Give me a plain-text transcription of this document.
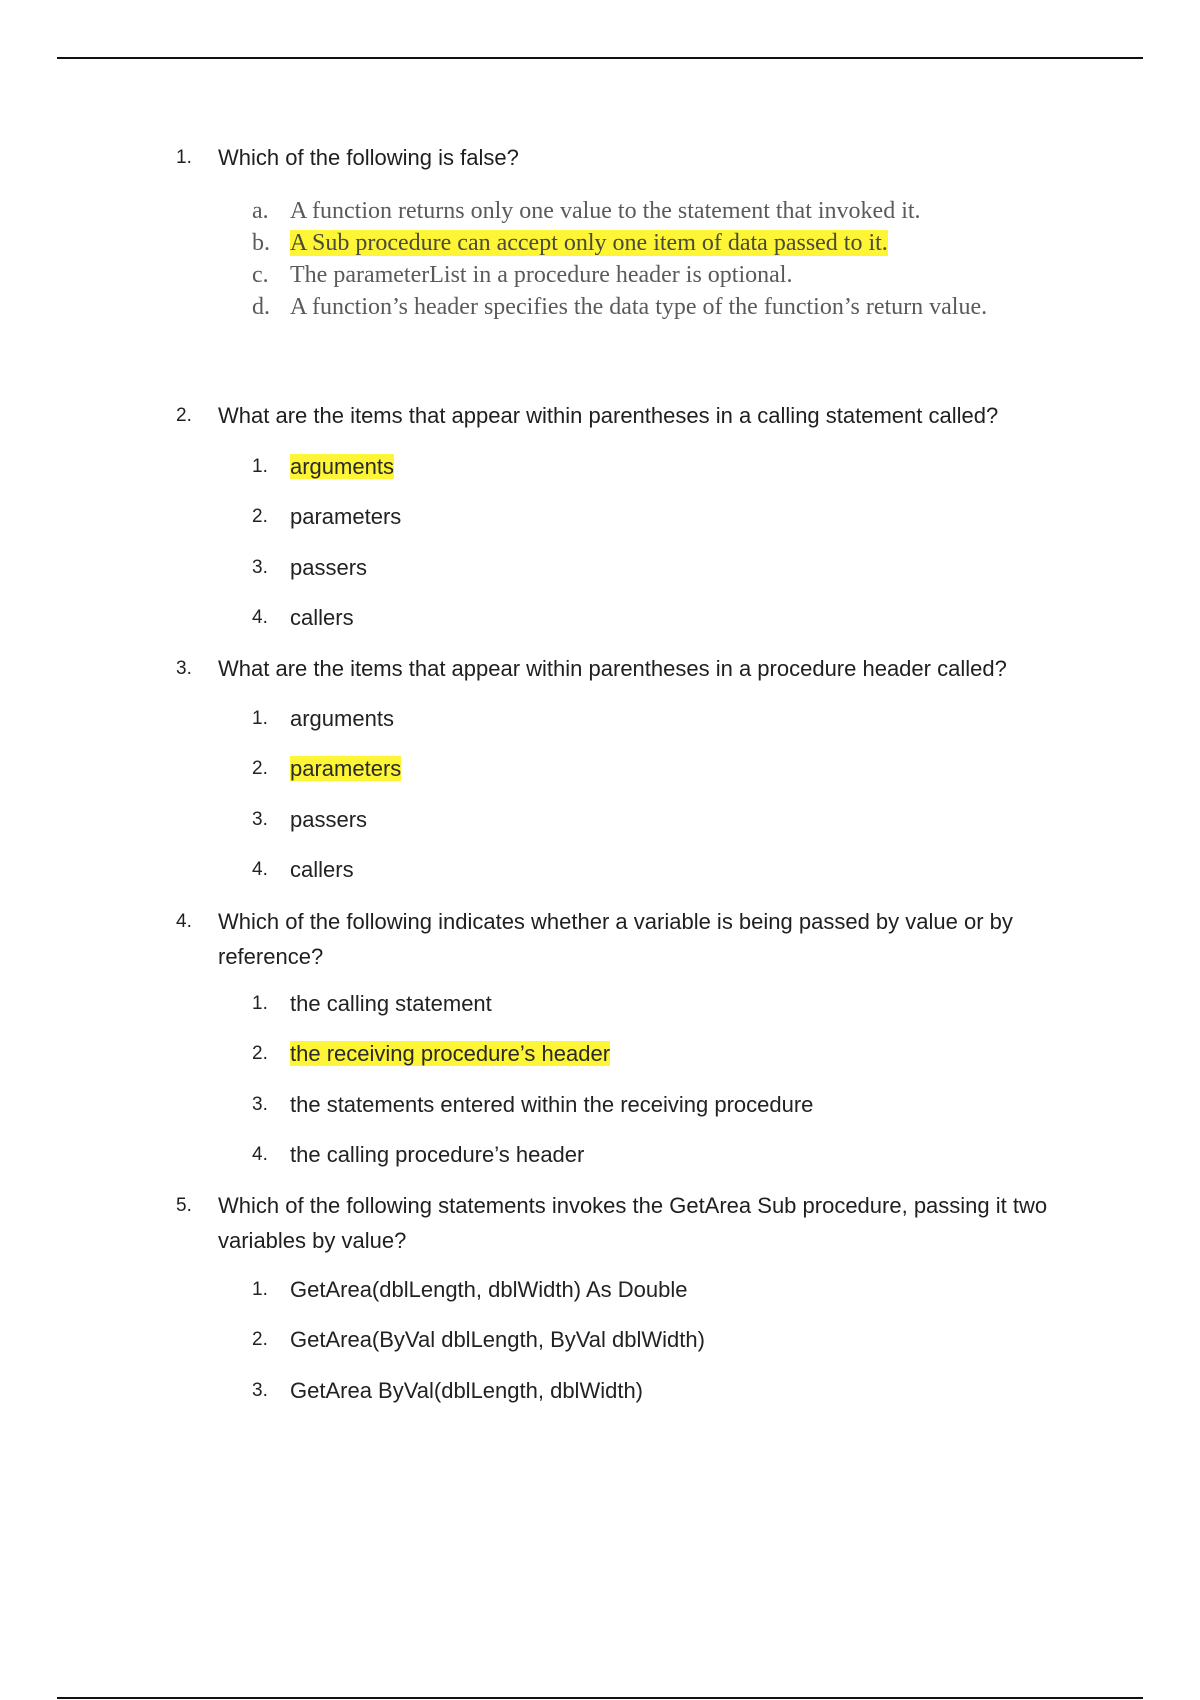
1.	Which of the following is false?
a. A function returns only one value to the statement that invoked it.
b. A Sub procedure can accept only one item of data passed to it.
c. The parameterList in a procedure header is optional.
d. A function’s header specifies the data type of the function’s return value.
2.	What are the items that appear within parentheses in a calling statement called?
1.	arguments
2.	parameters
3.	passers
4.	callers
3.	What are the items that appear within parentheses in a procedure header called?
1.	arguments
2.	parameters
3.	passers
4.	callers
4.	Which of the following indicates whether a variable is being passed by value or by reference?
1.	the calling statement
2.	the receiving procedure’s header
3.	the statements entered within the receiving procedure
4.	the calling procedure’s header
5.	Which of the following statements invokes the GetArea Sub procedure, passing it two variables by value?
1.	GetArea(dblLength, dblWidth) As Double
2.	GetArea(ByVal dblLength, ByVal dblWidth)
3.	GetArea ByVal(dblLength, dblWidth)
